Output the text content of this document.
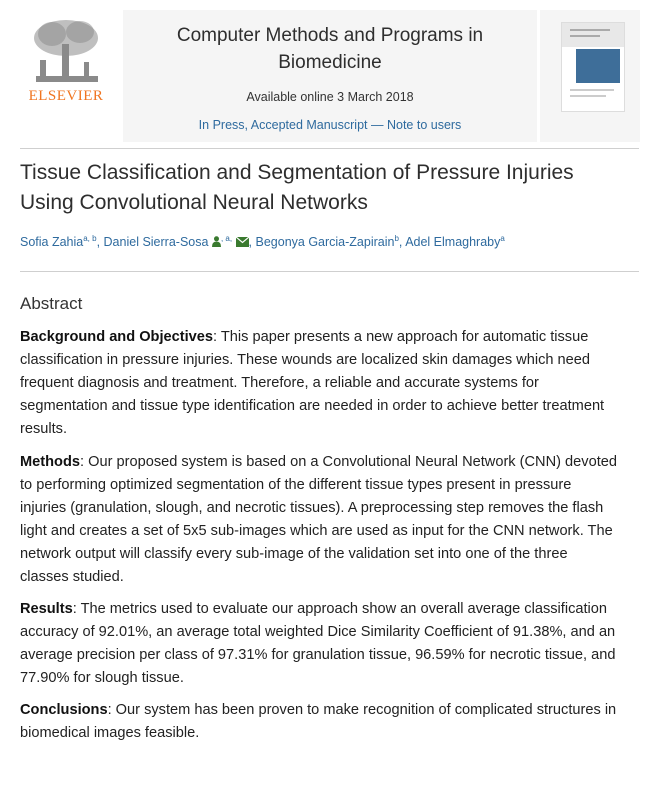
ELSEVIER
Computer Methods and Programs in Biomedicine
Available online 3 March 2018
In Press, Accepted Manuscript — Note to users
Tissue Classification and Segmentation of Pressure Injuries Using Convolutional Neural Networks
Sofia Zahia$^{a, b}$, Daniel Sierra-Sosa $^{, a,}$ , Begonya Garcia-Zapirain$^b$, Adel Elmaghraby$^a$
Abstract
Background and Objectives: This paper presents a new approach for automatic tissue classification in pressure injuries. These wounds are localized skin damages which need frequent diagnosis and treatment. Therefore, a reliable and accurate systems for segmentation and tissue type identification are needed in order to achieve better treatment results.
Methods: Our proposed system is based on a Convolutional Neural Network (CNN) devoted to performing optimized segmentation of the different tissue types present in pressure injuries (granulation, slough, and necrotic tissues). A preprocessing step removes the flash light and creates a set of 5x5 sub-images which are used as input for the CNN network. The network output will classify every sub-image of the validation set into one of the three classes studied.
Results: The metrics used to evaluate our approach show an overall average classification accuracy of 92.01%, an average total weighted Dice Similarity Coefficient of 91.38%, and an average precision per class of 97.31% for granulation tissue, 96.59% for necrotic tissue, and 77.90% for slough tissue.
Conclusions: Our system has been proven to make recognition of complicated structures in biomedical images feasible.
